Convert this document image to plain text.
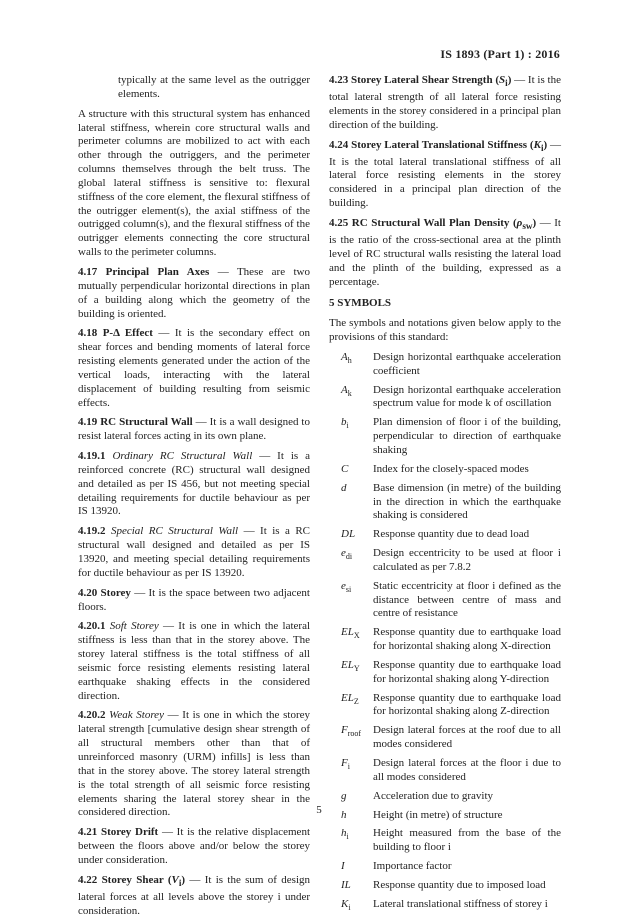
IS 1893 (Part 1) : 2016

typically at the same level as the outrigger elements.

A structure with this structural system has enhanced lateral stiffness, wherein core structural walls and perimeter columns are mobilized to act with each other through the outriggers, and the perimeter columns themselves through the belt truss. The global lateral stiffness is sensitive to: flexural stiffness of the core element, the flexural stiffness of the outrigger element(s), the axial stiffness of the outrigged column(s), and the flexural stiffness of the outrigger elements connecting the core structural walls to the perimeter columns.

4.17 Principal Plan Axes — These are two mutually perpendicular horizontal directions in plan of a building along which the geometry of the building is oriented.

4.18 P-Δ Effect — It is the secondary effect on shear forces and bending moments of lateral force resisting elements generated under the action of the vertical loads, interacting with the lateral displacement of building resulting from seismic effects.

4.19 RC Structural Wall — It is a wall designed to resist lateral forces acting in its own plane.

4.19.1 Ordinary RC Structural Wall — It is a reinforced concrete (RC) structural wall designed and detailed as per IS 456, but not meeting special detailing requirements for ductile behaviour as per IS 13920.

4.19.2 Special RC Structural Wall — It is a RC structural wall designed and detailed as per IS 13920, and meeting special detailing requirements for ductile behaviour as per IS 13920.

4.20 Storey — It is the space between two adjacent floors.

4.20.1 Soft Storey — It is one in which the lateral stiffness is less than that in the storey above. The storey lateral stiffness is the total stiffness of all seismic force resisting elements resisting lateral earthquake shaking effects in the considered direction.

4.20.2 Weak Storey — It is one in which the storey lateral strength [cumulative design shear strength of all structural members other than that of unreinforced masonry (URM) infills] is less than that in the storey above. The storey lateral strength is the total strength of all seismic force resisting elements sharing the lateral storey shear in the considered direction.

4.21 Storey Drift — It is the relative displacement between the floors above and/or below the storey under consideration.

4.22 Storey Shear $(V_i)$ — It is the sum of design lateral forces at all levels above the storey i under consideration.

4.23 Storey Lateral Shear Strength $(S_i)$ — It is the total lateral strength of all lateral force resisting elements in the storey considered in a principal plan direction of the building.

4.24 Storey Lateral Translational Stiffness $(K_i)$ — It is the total lateral translational stiffness of all lateral force resisting elements in the storey considered in a principal plan direction of the building.

4.25 RC Structural Wall Plan Density $(\rho_{sw})$ — It is the ratio of the cross-sectional area at the plinth level of RC structural walls resisting the lateral load and the plinth of the building, expressed as a percentage.

5 SYMBOLS

The symbols and notations given below apply to the provisions of this standard:

$A_h$	Design horizontal earthquake acceleration coefficient
$A_k$	Design horizontal earthquake acceleration spectrum value for mode k of oscillation
$b_i$	Plan dimension of floor i of the building, perpendicular to direction of earthquake shaking
C	Index for the closely-spaced modes
d	Base dimension (in metre) of the building in the direction in which the earthquake shaking is considered
DL	Response quantity due to dead load
$e_{di}$	Design eccentricity to be used at floor i calculated as per 7.8.2
$e_{si}$	Static eccentricity at floor i defined as the distance between centre of mass and centre of resistance
$EL_X$	Response quantity due to earthquake load for horizontal shaking along X-direction
$EL_Y$	Response quantity due to earthquake load for horizontal shaking along Y-direction
$EL_Z$	Response quantity due to earthquake load for horizontal shaking along Z-direction
$F_{roof}$	Design lateral forces at the roof due to all modes considered
$F_i$	Design lateral forces at the floor i due to all modes considered
g	Acceleration due to gravity
h	Height (in metre) of structure
$h_i$	Height measured from the base of the building to floor i
I	Importance factor
IL	Response quantity due to imposed load
$K_i$	Lateral translational stiffness of storey i
5
